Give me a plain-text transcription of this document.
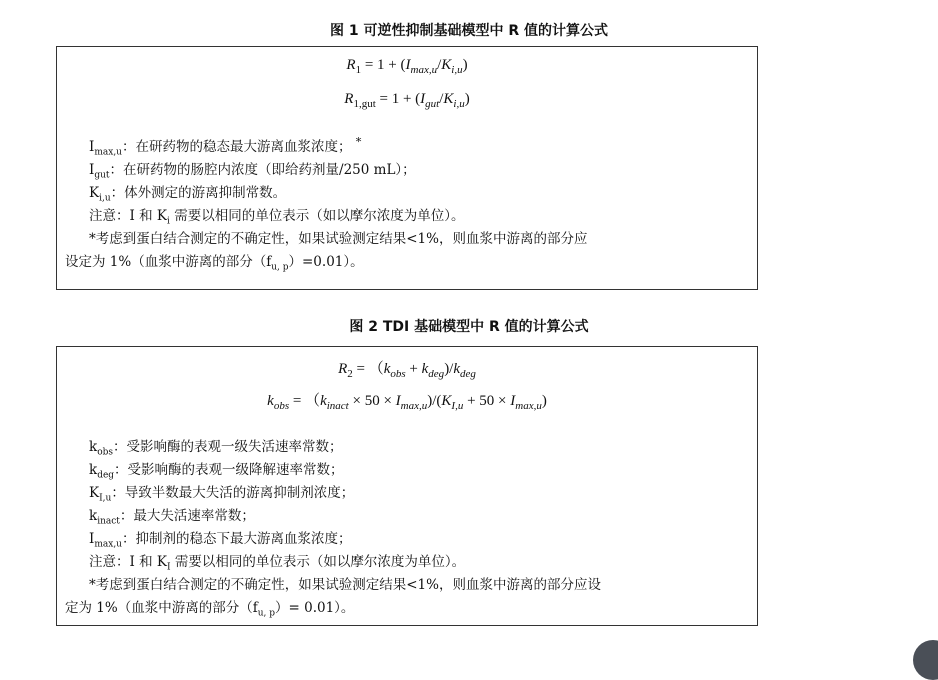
图 1 可逆性抑制基础模型中 R 值的计算公式
$R_1 = 1 + (I_{max,u}/K_{i,u})$
$R_{1,gut} = 1 + (I_{gut}/K_{i,u})$
$I_{max,u}$：在研药物的稳态最大游离血浆浓度； *
$I_{gut}$：在研药物的肠腔内浓度（即给药剂量/250 mL）；
$K_{i,u}$：体外测定的游离抑制常数。
注意：I 和 $K_i$ 需要以相同的单位表示（如以摩尔浓度为单位）。
*考虑到蛋白结合测定的不确定性，如果试验测定结果<1%，则血浆中游离的部分应
设定为 1%（血浆中游离的部分$(f_{u, p})=0.01$）。
图 2 TDI 基础模型中 R 值的计算公式
$R_2 = (k_{obs} + k_{deg})/k_{deg}$
$k_{obs} = (k_{inact} \times 50 \times I_{max,u})/(K_{I,u} + 50 \times I_{max,u})$
$k_{obs}$：受影响酶的表观一级失活速率常数；
$k_{deg}$：受影响酶的表观一级降解速率常数；
$K_{I,u}$：导致半数最大失活的游离抑制剂浓度；
$k_{inact}$：最大失活速率常数；
$I_{max,u}$：抑制剂的稳态下最大游离血浆浓度；
注意：I 和 $K_I$ 需要以相同的单位表示（如以摩尔浓度为单位）。
*考虑到蛋白结合测定的不确定性，如果试验测定结果<1%，则血浆中游离的部分应设
定为 1%（血浆中游离的部分$(f_{u, p})= 0.01$）。
